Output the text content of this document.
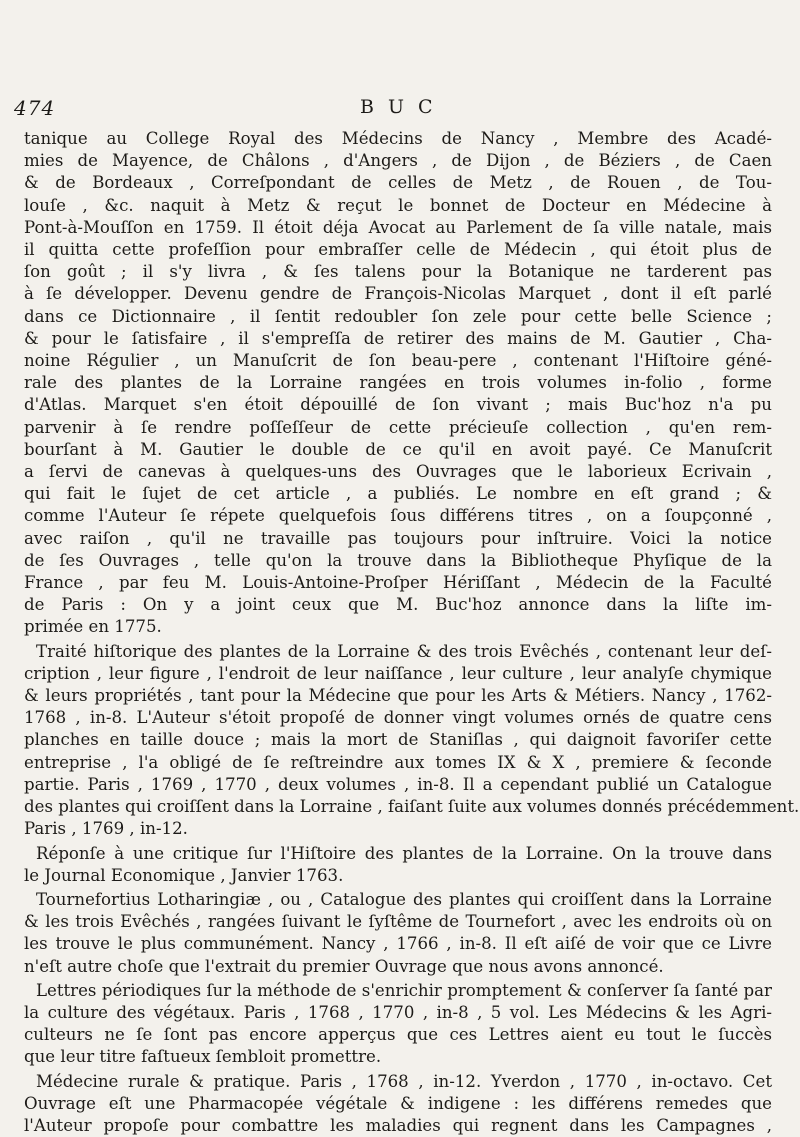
474	BUC
tanique au College Royal des Médecins de Nancy , Membre des Acadé-
mies de Mayence, de Châlons , d'Angers , de Dijon , de Béziers , de Caen
& de Bordeaux , Correſpondant de celles de Metz , de Rouen , de Tou-
louſe , &c. naquit à Metz & reçut le bonnet de Docteur en Médecine à
Pont-à-Mouſſon en 1759. Il étoit déja Avocat au Parlement de ſa ville natale, mais
il quitta cette profeſſion pour embraſſer celle de Médecin , qui étoit plus de
ſon goût ; il s'y livra , & ſes talens pour la Botanique ne tarderent pas
à ſe développer. Devenu gendre de François-Nicolas Marquet , dont il eſt parlé
dans ce Dictionnaire , il ſentit redoubler ſon zele pour cette belle Science ;
& pour le ſatisfaire , il s'empreſſa de retirer des mains de M. Gautier , Cha-
noine Régulier , un Manuſcrit de ſon beau-pere , contenant l'Hiſtoire géné-
rale des plantes de la Lorraine rangées en trois volumes in-folio , forme
d'Atlas. Marquet s'en étoit dépouillé de ſon vivant ; mais Buc'hoz n'a pu
parvenir à ſe rendre poſſeſſeur de cette précieuſe collection , qu'en rem-
bourſant à M. Gautier le double de ce qu'il en avoit payé. Ce Manuſcrit
a ſervi de canevas à quelques-uns des Ouvrages que le laborieux Ecrivain ,
qui fait le ſujet de cet article , a publiés. Le nombre en eſt grand ; &
comme l'Auteur ſe répete quelquefois ſous différens titres , on a ſoupçonné ,
avec raiſon , qu'il ne travaille pas toujours pour inſtruire. Voici la notice
de ſes Ouvrages , telle qu'on la trouve dans la Bibliotheque Phyſique de la
France , par feu M. Louis-Antoine-Proſper Hériſſant , Médecin de la Faculté
de Paris : On y a joint ceux que M. Buc'hoz annonce dans la liſte im-
primée en 1775.
Traité hiſtorique des plantes de la Lorraine & des trois Evêchés , contenant leur deſ-
cription , leur figure , l'endroit de leur naiſſance , leur culture , leur analyſe chymique
& leurs propriétés , tant pour la Médecine que pour les Arts & Métiers. Nancy , 1762-
1768 , in-8. L'Auteur s'étoit propoſé de donner vingt volumes ornés de quatre cens
planches en taille douce ; mais la mort de Staniſlas , qui daignoit favoriſer cette
entreprise , l'a obligé de ſe reſtreindre aux tomes IX & X , premiere & ſeconde
partie. Paris , 1769 , 1770 , deux volumes , in-8. Il a cependant publié un Catalogue
des plantes qui croiſſent dans la Lorraine , faiſant ſuite aux volumes donnés précédemment.
Paris , 1769 , in-12.
Réponſe à une critique ſur l'Hiſtoire des plantes de la Lorraine. On la trouve dans
le Journal Economique , Janvier 1763.
Tournefortius Lotharingiæ , ou , Catalogue des plantes qui croiſſent dans la Lorraine
& les trois Evêchés , rangées ſuivant le ſyſtême de Tournefort , avec les endroits où on
les trouve le plus communément. Nancy , 1766 , in-8. Il eſt aiſé de voir que ce Livre
n'eſt autre choſe que l'extrait du premier Ouvrage que nous avons annoncé.
Lettres périodiques ſur la méthode de s'enrichir promptement & conſerver ſa ſanté par
la culture des végétaux. Paris , 1768 , 1770 , in-8 , 5 vol. Les Médecins & les Agri-
culteurs ne ſe ſont pas encore apperçus que ces Lettres aient eu tout le ſuccès
que leur titre faſtueux ſembloit promettre.
Médecine rurale & pratique. Paris , 1768 , in-12. Yverdon , 1770 , in-octavo. Cet
Ouvrage eſt une Pharmacopée végétale & indigene : les différens remedes que
l'Auteur propoſe pour combattre les maladies qui regnent dans les Campagnes ,
